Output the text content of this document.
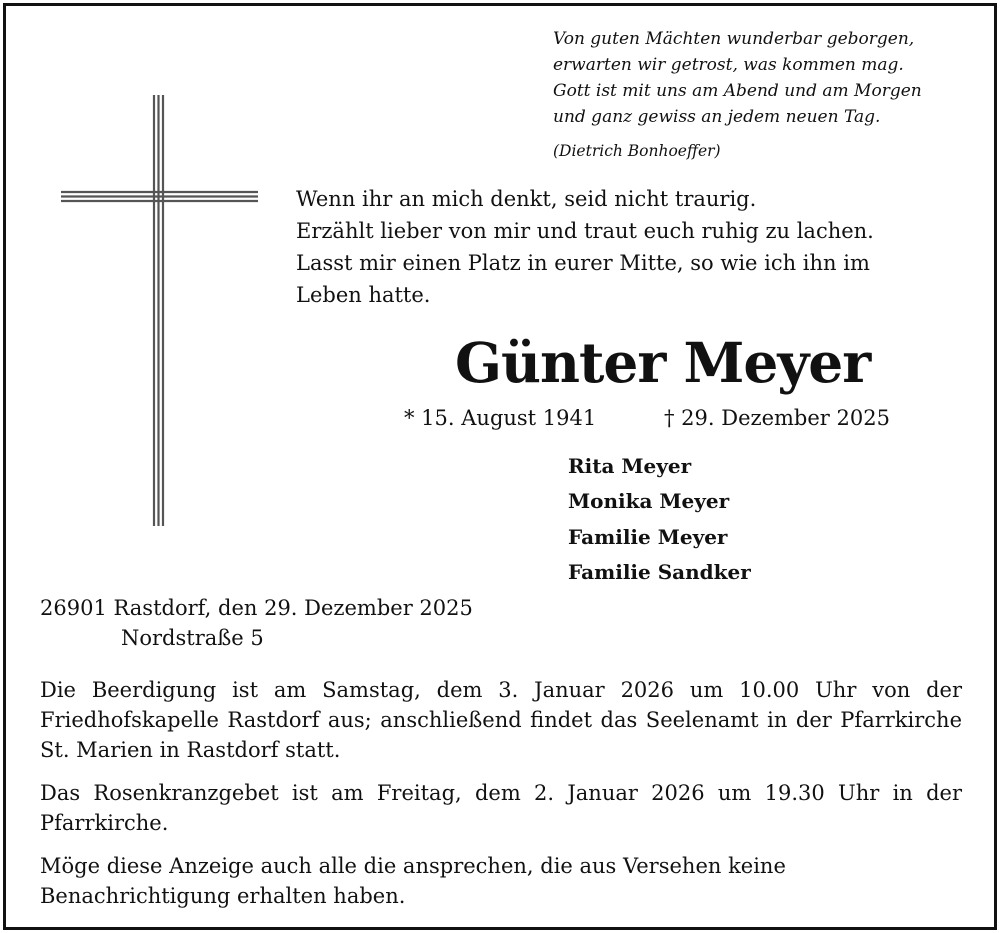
Von guten Mächten wunderbar geborgen,
erwarten wir getrost, was kommen mag.
Gott ist mit uns am Abend und am Morgen
und ganz gewiss an jedem neuen Tag.
(Dietrich Bonhoeffer)
Wenn ihr an mich denkt, seid nicht traurig.
Erzählt lieber von mir und traut euch ruhig zu lachen.
Lasst mir einen Platz in eurer Mitte, so wie ich ihn im
Leben hatte.
Günter Meyer
* 15. August 1941	† 29. Dezember 2025
Rita Meyer
Monika Meyer
Familie Meyer
Familie Sandker
26901 Rastdorf, den 29. Dezember 2025
Nordstraße 5
Die Beerdigung ist am Samstag, dem 3. Januar 2026 um 10.00 Uhr von der Friedhofskapelle Rastdorf aus; anschließend findet das Seelenamt in der Pfarrkirche St. Marien in Rastdorf statt.
Das Rosenkranzgebet ist am Freitag, dem 2. Januar 2026 um 19.30 Uhr in der Pfarrkirche.
Möge diese Anzeige auch alle die ansprechen, die aus Versehen keine Benachrichtigung erhalten haben.
